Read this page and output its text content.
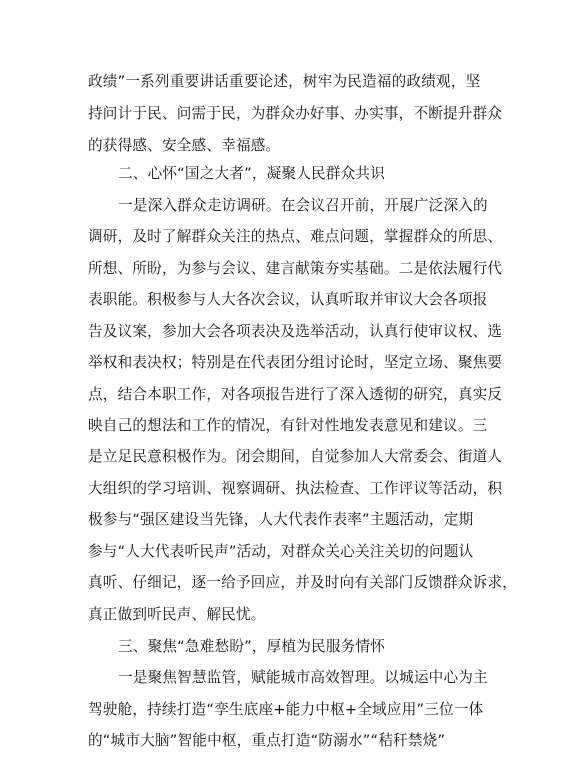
政绩”一系列重要讲话重要论述，树牢为民造福的政绩观，坚
持问计于民、问需于民，为群众办好事、办实事，不断提升群众
的获得感、安全感、幸福感。
二、心怀“国之大者”，凝聚人民群众共识
一是深入群众走访调研。在会议召开前，开展广泛深入的
调研，及时了解群众关注的热点、难点问题，掌握群众的所思、
所想、所盼，为参与会议、建言献策夯实基础。二是依法履行代
表职能。积极参与人大各次会议，认真听取并审议大会各项报
告及议案，参加大会各项表决及选举活动，认真行使审议权、选
举权和表决权；特别是在代表团分组讨论时，坚定立场、聚焦要
点，结合本职工作，对各项报告进行了深入透彻的研究，真实反
映自己的想法和工作的情况，有针对性地发表意见和建议。三
是立足民意积极作为。闭会期间，自觉参加人大常委会、街道人
大组织的学习培训、视察调研、执法检查、工作评议等活动，积
极参与“强区建设当先锋，人大代表作表率”主题活动，定期
参与“人大代表听民声”活动，对群众关心关注关切的问题认
真听、仔细记，逐一给予回应，并及时向有关部门反馈群众诉求，
真正做到听民声、解民忧。
三、聚焦“急难愁盼”，厚植为民服务情怀
一是聚焦智慧监管，赋能城市高效智理。以城运中心为主
驾驶舱，持续打造“孪生底座+能力中枢+全域应用”三位一体
的“城市大脑”智能中枢，重点打造“防溺水”“秸秆禁烧”
